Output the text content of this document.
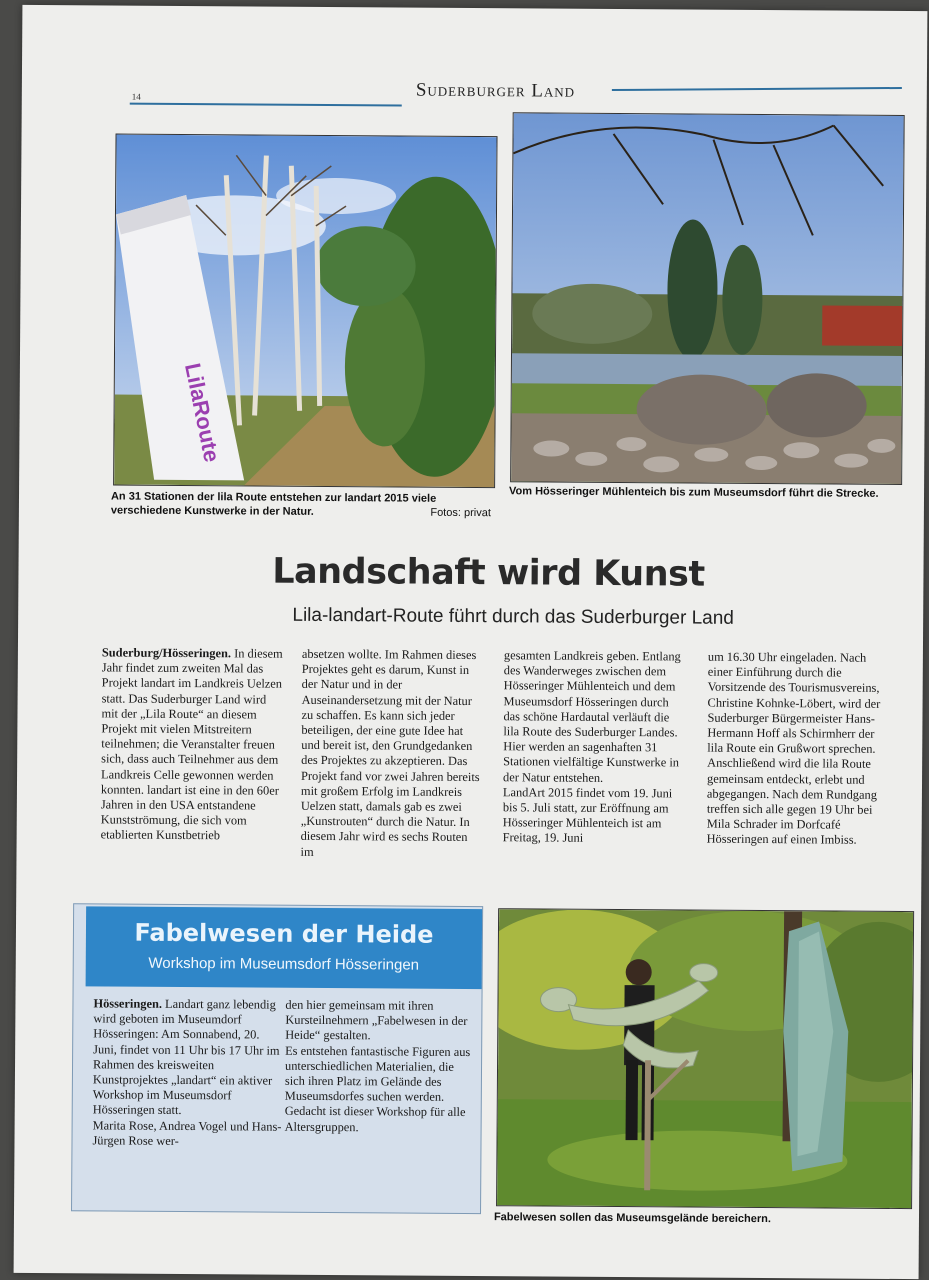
14	Suderburger Land
LilaRoute
An 31 Stationen der lila Route entstehen zur landart 2015 viele verschiedene Kunstwerke in der Natur.	Fotos: privat
Vom Hösseringer Mühlenteich bis zum Museumsdorf führt die Strecke.
Landschaft wird Kunst
Lila-landart-Route führt durch das Suderburger Land

Suderburg/Hösseringen. In diesem Jahr findet zum zweiten Mal das Projekt landart im Landkreis Uelzen statt. Das Suderburger Land wird mit der „Lila Route“ an diesem Projekt mit vielen Mitstreitern teilnehmen; die Veranstalter freuen sich, dass auch Teilnehmer aus dem Landkreis Celle gewonnen werden konnten. landart ist eine in den 60er Jahren in den USA entstandene Kunstströmung, die sich vom etablierten Kunstbetrieb

absetzen wollte. Im Rahmen dieses Projektes geht es darum, Kunst in der Natur und in der Auseinandersetzung mit der Natur zu schaffen. Es kann sich jeder beteiligen, der eine gute Idee hat und bereit ist, den Grundgedanken des Projektes zu akzeptieren. Das Projekt fand vor zwei Jahren bereits mit großem Erfolg im Landkreis Uelzen statt, damals gab es zwei „Kunstrouten“ durch die Natur. In diesem Jahr wird es sechs Routen im

gesamten Landkreis geben. Entlang des Wanderweges zwischen dem Hösseringer Mühlenteich und dem Museumsdorf Hösseringen durch das schöne Hardautal verläuft die lila Route des Suderburger Landes. Hier werden an sagenhaften 31 Stationen vielfältige Kunstwerke in der Natur entstehen.

LandArt 2015 findet vom 19. Juni bis 5. Juli statt, zur Eröffnung am Hösseringer Mühlenteich ist am Freitag, 19. Juni

um 16.30 Uhr eingeladen. Nach einer Einführung durch die Vorsitzende des Tourismusvereins, Christine Kohnke-Löbert, wird der Suderburger Bürgermeister Hans-Hermann Hoff als Schirmherr der lila Route ein Grußwort sprechen. Anschließend wird die lila Route gemeinsam entdeckt, erlebt und abgegangen. Nach dem Rundgang treffen sich alle gegen 19 Uhr bei Mila Schrader im Dorfcafé Hösseringen auf einen Imbiss.

Fabelwesen der Heide
Workshop im Museumsdorf Hösseringen

Hösseringen. Landart ganz lebendig wird geboten im Museumdorf Hösseringen: Am Sonnabend, 20. Juni, findet von 11 Uhr bis 17 Uhr im Rahmen des kreisweiten Kunstprojektes „landart“ ein aktiver Workshop im Museumsdorf Hösseringen statt.

Marita Rose, Andrea Vogel und Hans-Jürgen Rose wer-

den hier gemeinsam mit ihren Kursteilnehmern „Fabelwesen in der Heide“ gestalten.

Es entstehen fantastische Figuren aus unterschiedlichen Materialien, die sich ihren Platz im Gelände des Museumsdorfes suchen werden. Gedacht ist dieser Workshop für alle Altersgruppen.

Fabelwesen sollen das Museumsgelände bereichern.
